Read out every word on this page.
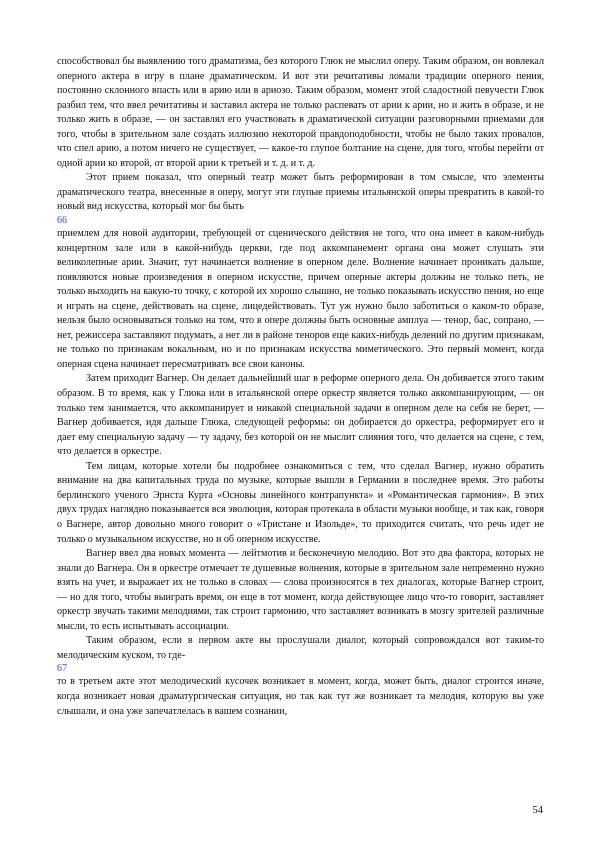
способствовал бы выявлению того драматизма, без которого Глюк не мыслил оперу. Таким образом, он вовлекал оперного актера в игру в плане драматическом. И вот эти речитативы ломали традиции оперного пения, постоянно склонного впасть или в арию или в ариозо. Таким образом, момент этой сладостной певучести Глюк разбил тем, что ввел речитативы и заставил актера не только распевать от арии к арии, но и жить в образе, и не только жить в образе, — он заставлял его участвовать в драматической ситуации разговорными приемами для того, чтобы в зрительном зале создать иллюзию некоторой правдоподобности, чтобы не было таких провалов, что спел арию, а потом ничего не существует, — какое-то глупое болтание на сцене, для того, чтобы перейти от одной арии ко второй, от второй арии к третьей и т. д. и т. д.

Этот прием показал, что оперный театр может быть реформирован в том смысле, что элементы драматического театра, внесенные в оперу, могут эти глупые приемы итальянской оперы превратить в какой-то новый вид искусства, который мог бы быть

66

приемлем для новой аудитории, требующей от сценического действия не того, что она имеет в каком-нибудь концертном зале или в какой-нибудь церкви, где под аккомпанемент органа она может слушать эти великолепные арии. Значит, тут начинается волнение в оперном деле. Волнение начинает проникать дальше, появляются новые произведения в оперном искусстве, причем оперные актеры должны не только петь, не только выходить на какую-то точку, с которой их хорошо слышно, не только показывать искусство пения, но еще и играть на сцене, действовать на сцене, лицедействовать. Тут уж нужно было заботиться о каком-то образе, нельзя было основываться только на том, что в опере должны быть основные амплуа — тенор, бас, сопрано, — нет, режиссера заставляют подумать, а нет ли в районе теноров еще каких-нибудь делений по другим признакам, не только по признакам вокальным, но и по признакам искусства миметического. Это первый момент, когда оперная сцена начинает пересматривать все свои каноны.

Затем приходит Вагнер. Он делает дальнейший шаг в реформе оперного дела. Он добивается этого таким образом. В то время, как у Глюка или в итальянской опере оркестр является только аккомпанирующим, — он только тем занимается, что аккомпанирует и никакой специальной задачи в оперном деле на себя не берет, — Вагнер добивается, идя дальше Глюка, следующей реформы: он добирается до оркестра, реформирует его и дает ему специальную задачу — ту задачу, без которой он не мыслит слияния того, что делается на сцене, с тем, что делается в оркестре.

Тем лицам, которые хотели бы подробнее ознакомиться с тем, что сделал Вагнер, нужно обратить внимание на два капитальных труда по музыке, которые вышли в Германии в последнее время. Это работы берлинского ученого Эрнста Курта «Основы линейного контрапункта» и «Романтическая гармония». В этих двух трудах наглядно показывается вся эволюция, которая протекала в области музыки вообще, и так как, говоря о Вагнере, автор довольно много говорит о «Тристане и Изольде», то приходится считать, что речь идет не только о музыкальном искусстве, но и об оперном искусстве.

Вагнер ввел два новых момента — лейтмотив и бесконечную мелодию. Вот это два фактора, которых не знали до Вагнера. Он в оркестре отмечает те душевные волнения, которые в зрительном зале непременно нужно взять на учет, и выражает их не только в словах — слова произносятся в тех диалогах, которые Вагнер строит, — но для того, чтобы выиграть время, он еще в тот момент, когда действующее лицо что-то говорит, заставляет оркестр звучать такими мелодиями, так строит гармонию, что заставляет возникать в мозгу зрителей различные мысли, то есть испытывать ассоциации.

Таким образом, если в первом акте вы прослушали диалог, который сопровождался вот таким-то мелодическим куском, то где-

67

то в третьем акте этот мелодический кусочек возникает в момент, когда, может быть, диалог строится иначе, когда возникает новая драматургическая ситуация, но так как тут же возникает та мелодия, которую вы уже слышали, и она уже запечатлелась в вашем сознании,

54
